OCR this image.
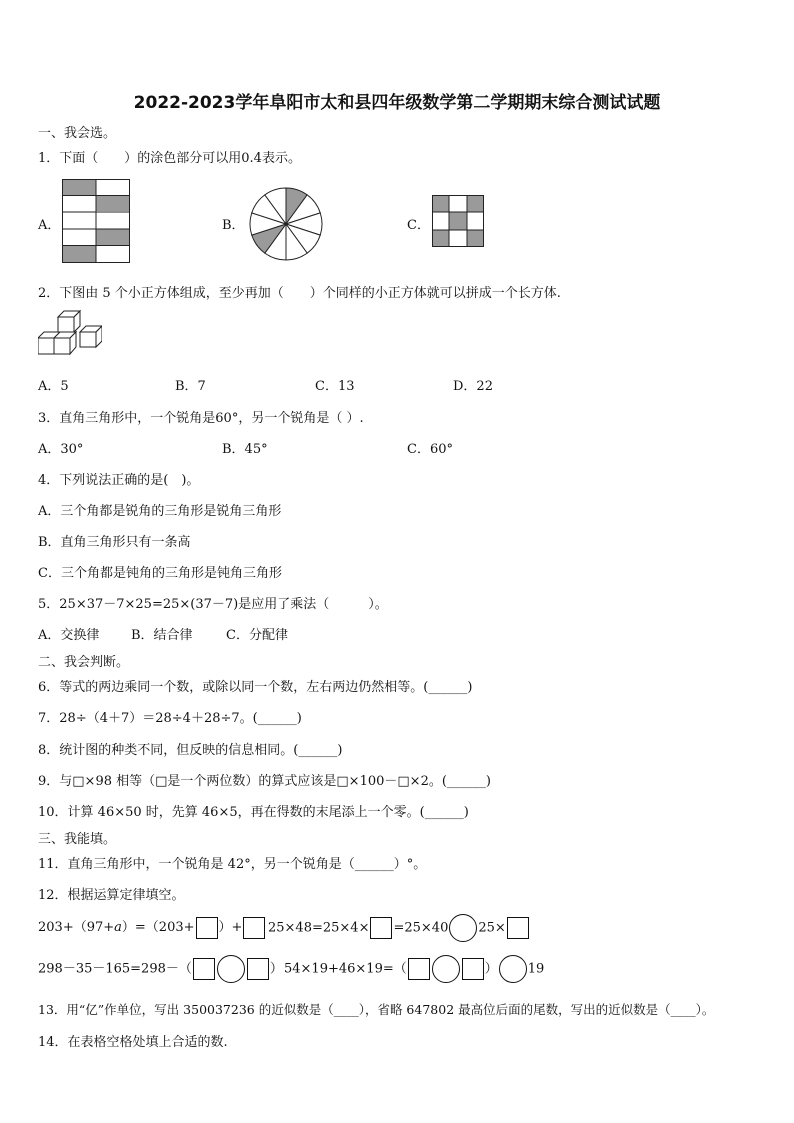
2022-2023学年阜阳市太和县四年级数学第二学期期末综合测试试题
一、我会选。
1．下面（　　）的涂色部分可以用0.4表示。
A．	B．	C．
2．下图由 5 个小正方体组成，至少再加（　　）个同样的小正方体就可以拼成一个长方体.
A．5	B．7	C．13	D．22
3．直角三角形中，一个锐角是60°，另一个锐角是（ ）.
A．30°	B．45°	C．60°
4．下列说法正确的是(　)。
A．三个角都是锐角的三角形是锐角三角形
B．直角三角形只有一条高
C．三个角都是钝角的三角形是钝角三角形
5．25×37－7×25=25×(37－7)是应用了乘法（　　　）。
A．交换律 B．结合律	C．分配律
二、我会判断。
6．等式的两边乘同一个数，或除以同一个数，左右两边仍然相等。(______)
7．28÷（4＋7）＝28÷4＋28÷7。(______)
8．统计图的种类不同，但反映的信息相同。(______)
9．与□×98 相等（□是一个两位数）的算式应该是□×100－□×2。(______)
10．计算 46×50 时，先算 46×5，再在得数的末尾添上一个零。(______)
三、我能填。
11．直角三角形中，一个锐角是 42°，另一个锐角是（______）°。
12．根据运算定律填空。
203+（97+a）=（203+ ）+	25×48=25×4× =25×40 25×
298－35－165=298－（	） 54×19+46×19=（	） 19
13．用“亿”作单位，写出 350037236 的近似数是（____），省略 647802 最高位后面的尾数，写出的近似数是（____）。
14．在表格空格处填上合适的数.
